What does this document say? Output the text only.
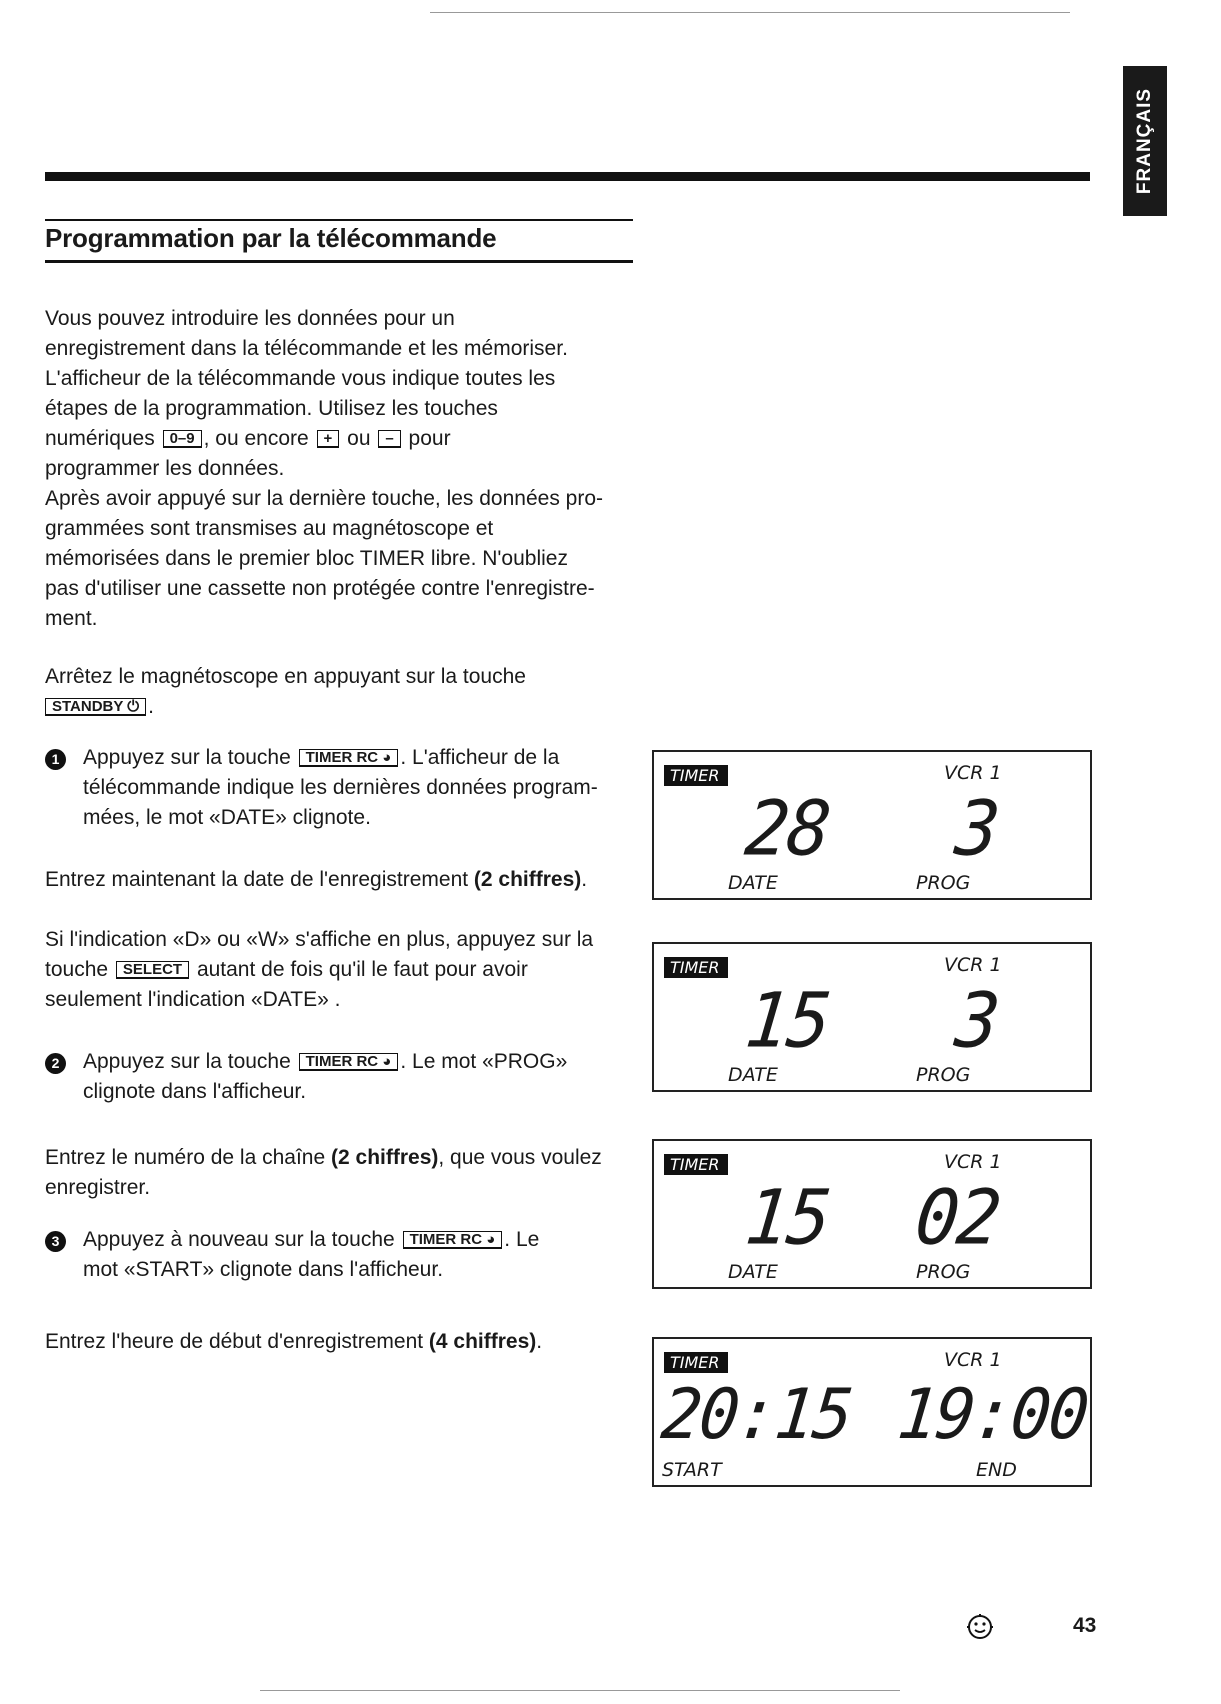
FRANÇAIS
Programmation par la télécommande
Vous pouvez introduire les données pour un
enregistrement dans la télécommande et les mémoriser.
L'afficheur de la télécommande vous indique toutes les
étapes de la programmation. Utilisez les touches
numériques 0–9 , ou encore + ou – pour
programmer les données.
Après avoir appuyé sur la dernière touche, les données pro-
grammées sont transmises au magnétoscope et
mémorisées dans le premier bloc TIMER libre. N'oubliez
pas d'utiliser une cassette non protégée contre l'enregistre-
ment.
Arrêtez le magnétoscope en appuyant sur la touche
STANDBY ⏻ .
1	Appuyez sur la touche TIMER RC ◕ . L'afficheur de la
télécommande indique les dernières données program-
mées, le mot «DATE» clignote.
Entrez maintenant la date de l'enregistrement (2 chiffres).
Si l'indication «D» ou «W» s'affiche en plus, appuyez sur la
touche SELECT autant de fois qu'il le faut pour avoir
seulement l'indication «DATE» .
2	Appuyez sur la touche TIMER RC ◕ . Le mot «PROG»
clignote dans l'afficheur.
Entrez le numéro de la chaîne (2 chiffres), que vous voulez
enregistrer.
3	Appuyez à nouveau sur la touche TIMER RC ◕ . Le
mot «START» clignote dans l'afficheur.
Entrez l'heure de début d'enregistrement (4 chiffres).
TIMER	VCR 1
28 3
DATE	PROG
TIMER	VCR 1
15 3
DATE	PROG
TIMER	VCR 1
15 02
DATE	PROG
TIMER	VCR 1
20:15 19:00
START	END
43
